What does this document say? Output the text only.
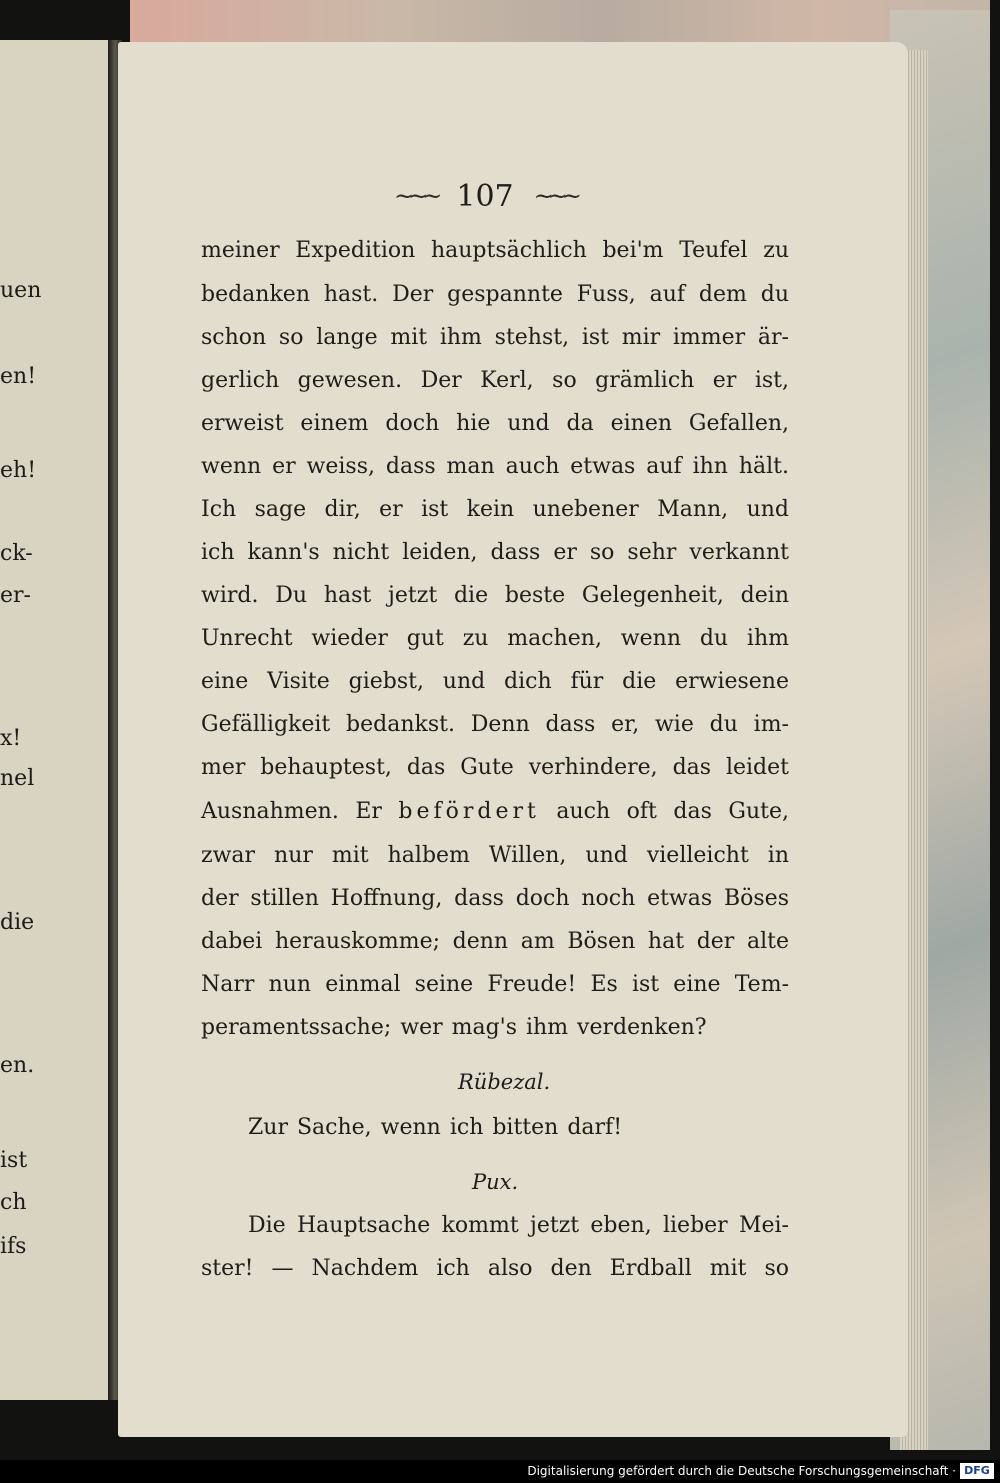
uen
en!
eh!
ck-
er-
x!
nel
die
en.
ist
ch
ifs
~~~ 107 ~~~
meiner Expedition hauptsächlich bei'm Teufel zu
bedanken hast. Der gespannte Fuss, auf dem du
schon so lange mit ihm stehst, ist mir immer är-
gerlich gewesen. Der Kerl, so grämlich er ist,
erweist einem doch hie und da einen Gefallen,
wenn er weiss, dass man auch etwas auf ihn hält.
Ich sage dir, er ist kein unebener Mann, und
ich kann's nicht leiden, dass er so sehr verkannt
wird. Du hast jetzt die beste Gelegenheit, dein
Unrecht wieder gut zu machen, wenn du ihm
eine Visite giebst, und dich für die erwiesene
Gefälligkeit bedankst. Denn dass er, wie du im-
mer behauptest, das Gute verhindere, das leidet
Ausnahmen. Er befördert auch oft das Gute,
zwar nur mit halbem Willen, und vielleicht in
der stillen Hoffnung, dass doch noch etwas Böses
dabei herauskomme; denn am Bösen hat der alte
Narr nun einmal seine Freude! Es ist eine Tem-
peramentssache; wer mag's ihm verdenken?
Rübezal.
Zur Sache, wenn ich bitten darf!
Pux.
Die Hauptsache kommt jetzt eben, lieber Mei-
ster! — Nachdem ich also den Erdball mit so
Digitalisierung gefördert durch die Deutsche Forschungsgemeinschaft · DFG
